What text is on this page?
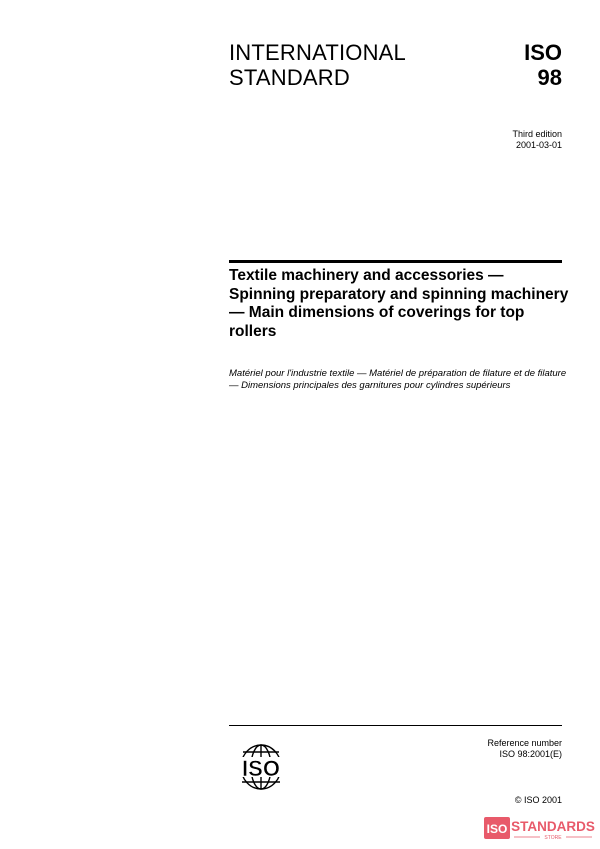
INTERNATIONAL
STANDARD
ISO
98
Third edition
2001-03-01
Textile machinery and accessories — Spinning preparatory and spinning machinery — Main dimensions of coverings for top rollers
Matériel pour l'industrie textile — Matériel de préparation de filature et de filature — Dimensions principales des garnitures pour cylindres supérieurs
ISO
Reference number
ISO 98:2001(E)
© ISO 2001
ISO STANDARDS
STORE
